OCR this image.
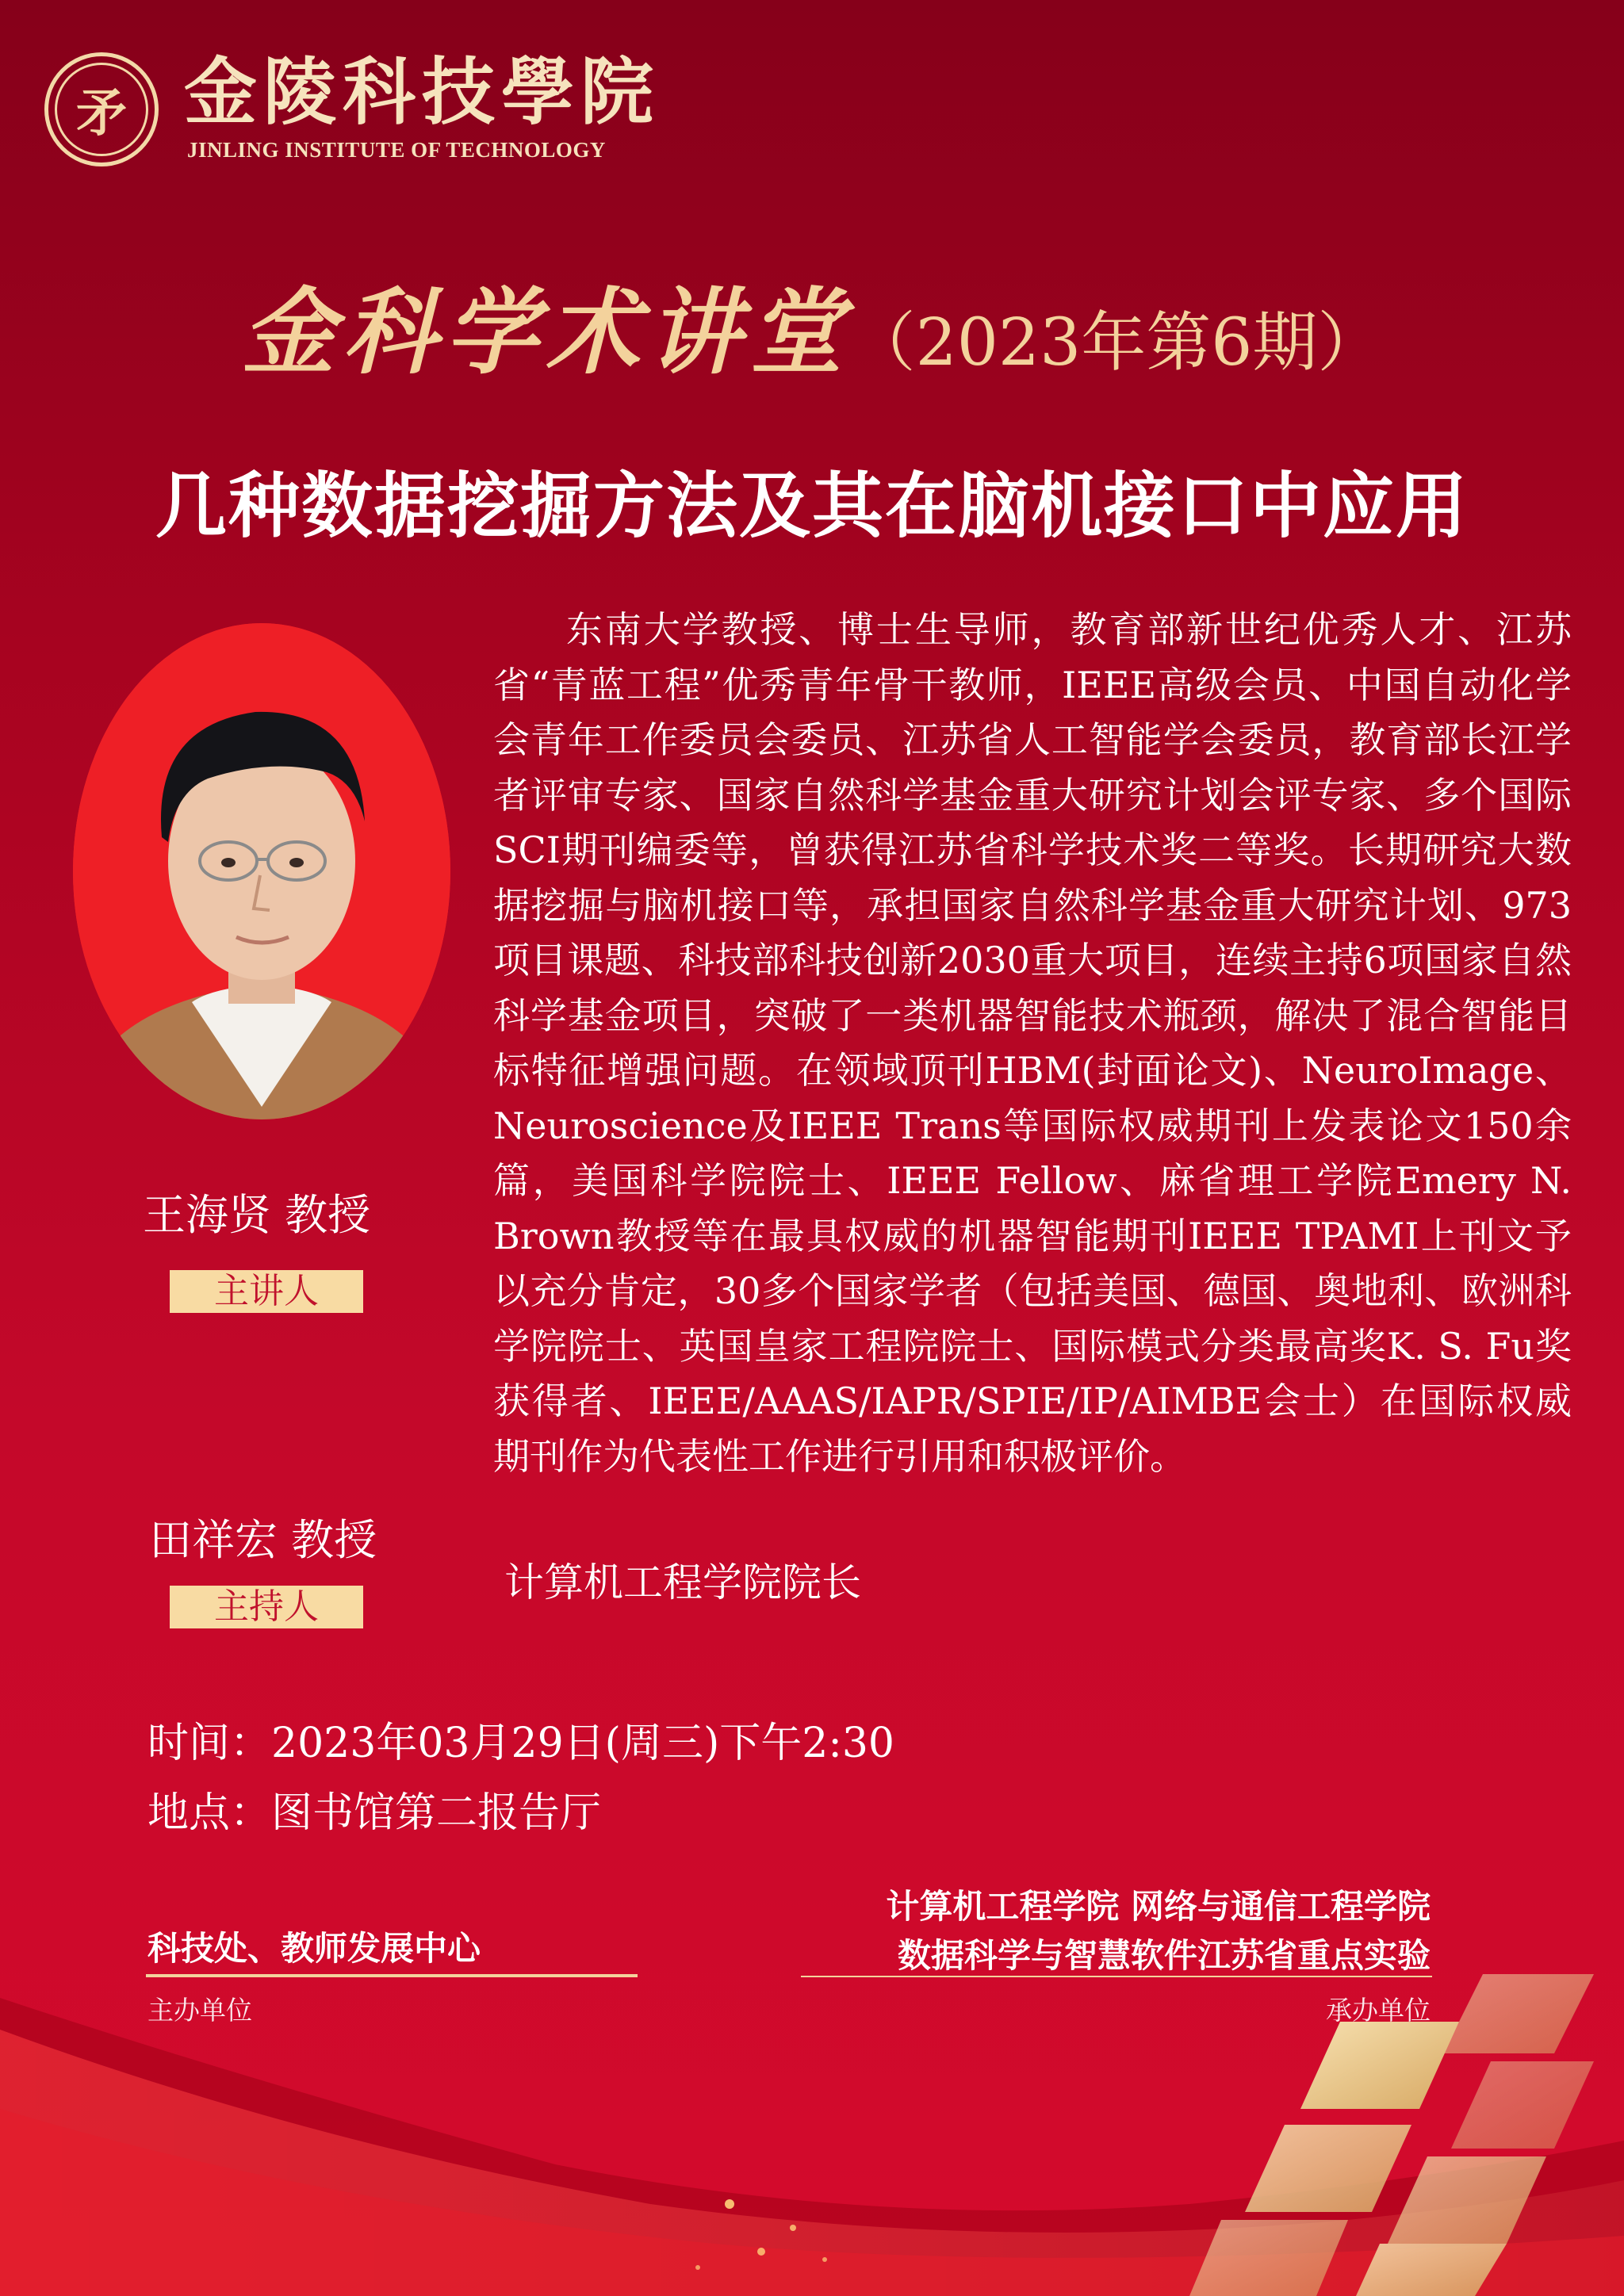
矛 金陵科技學院
JINLING INSTITUTE OF TECHNOLOGY
金科学术讲堂（2023年第6期）
几种数据挖掘方法及其在脑机接口中应用
王海贤 教授
主讲人
东南大学教授、博士生导师，教育部新世纪优秀人才、江苏省“青蓝工程”优秀青年骨干教师，IEEE高级会员、中国自动化学会青年工作委员会委员、江苏省人工智能学会委员，教育部长江学者评审专家、国家自然科学基金重大研究计划会评专家、多个国际SCI期刊编委等，曾获得江苏省科学技术奖二等奖。长期研究大数据挖掘与脑机接口等，承担国家自然科学基金重大研究计划、973项目课题、科技部科技创新2030重大项目，连续主持6项国家自然科学基金项目，突破了一类机器智能技术瓶颈，解决了混合智能目标特征增强问题。在领域顶刊HBM(封面论文)、NeuroImage、Neuroscience及IEEE Trans等国际权威期刊上发表论文150余篇，美国科学院院士、IEEE Fellow、麻省理工学院Emery N. Brown教授等在最具权威的机器智能期刊IEEE TPAMI上刊文予以充分肯定，30多个国家学者（包括美国、德国、奥地利、欧洲科学院院士、英国皇家工程院院士、国际模式分类最高奖K. S. Fu奖获得者、IEEE/AAAS/IAPR/SPIE/IP/AIMBE会士）在国际权威期刊作为代表性工作进行引用和积极评价。
田祥宏 教授
主持人
计算机工程学院院长
时间：2023年03月29日(周三)下午2:30
地点：图书馆第二报告厅
科技处、教师发展中心
主办单位
计算机工程学院 网络与通信工程学院
数据科学与智慧软件江苏省重点实验
承办单位
